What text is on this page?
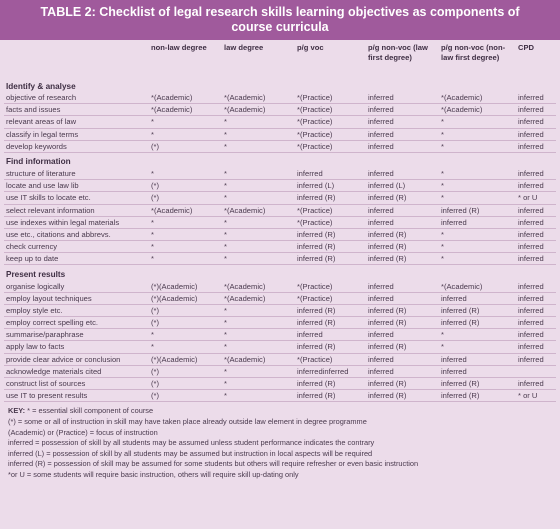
TABLE 2: Checklist of legal research skills learning objectives as components of
course curricula
	non-law degree	law degree	p/g voc	p/g non-voc (law first degree)	p/g non-voc (non-law first degree)	CPD
Identify & analyse						
objective of research	*(Academic)	*(Academic)	*(Practice)	inferred	*(Academic)	inferred
facts and issues	*(Academic)	*(Academic)	*(Practice)	inferred	*(Academic)	inferred
relevant areas of law	*	*	*(Practice)	inferred	*	inferred
classify in legal terms	*	*	*(Practice)	inferred	*	inferred
develop keywords	(*)	*	*(Practice)	inferred	*	inferred
Find information						
structure of literature	*	*	inferred	inferred	*	inferred
locate and use law lib	(*)	*	inferred (L)	inferred (L)	*	inferred
use IT skills to locate etc.	(*)	*	inferred (R)	inferred (R)	*	* or U
select relevant information	*(Academic)	*(Academic)	*(Practice)	inferred	inferred (R)	inferred
use indexes within legal materials	*	*	*(Practice)	inferred	inferred	inferred
use etc., citations and abbrevs.	*	*	inferred (R)	inferred (R)	*	inferred
check currency	*	*	inferred (R)	inferred (R)	*	inferred
keep up to date	*	*	inferred (R)	inferred (R)	*	inferred
Present results						
organise logically	(*)(Academic)	*(Academic)	*(Practice)	inferred	*(Academic)	inferred
employ layout techniques	(*)(Academic)	*(Academic)	*(Practice)	inferred	inferred	inferred
employ style etc.	(*)	*	inferred (R)	inferred (R)	inferred (R)	inferred
employ correct spelling etc.	(*)	*	inferred (R)	inferred (R)	inferred (R)	inferred
summarise/paraphrase	*	*	inferred	inferred	*	inferred
apply law to facts	*	*	inferred (R)	inferred (R)	*	inferred
provide clear advice or conclusion	(*)(Academic)	*(Academic)	*(Practice)	inferred	inferred	inferred
acknowledge materials cited	(*)	*	inferredinferred	inferred	inferred	
construct list of sources	(*)	*	inferred (R)	inferred (R)	inferred (R)	inferred
use IT to present results	(*)	*	inferred (R)	inferred (R)	inferred (R)	* or U
KEY: * = essential skill component of course
(*) = some or all of instruction in skill may have taken place already outside law element in degree programme
(Academic) or (Practice) = focus of instruction
inferred = possession of skill by all students may be assumed unless student performance indicates the contrary
inferred (L) = possession of skill by all students may be assumed but instruction in local aspects will be required
inferred (R) = possession of skill may be assumed for some students but others will require refresher or even basic instruction
*or U = some students will require basic instruction, others will require skill up-dating only
